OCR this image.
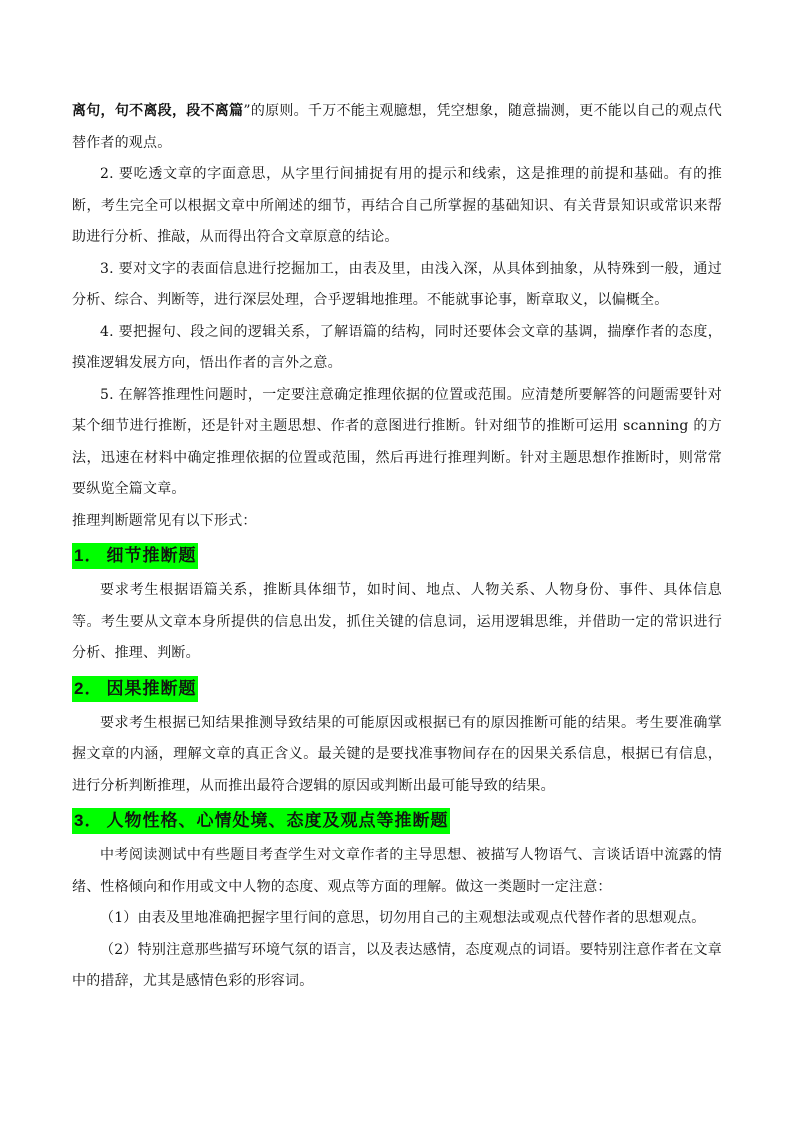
离句，句不离段，段不离篇”的原则。千万不能主观臆想，凭空想象，随意揣测，更不能以自己的观点代替作者的观点。

2. 要吃透文章的字面意思，从字里行间捕捉有用的提示和线索，这是推理的前提和基础。有的推断，考生完全可以根据文章中所阐述的细节，再结合自己所掌握的基础知识、有关背景知识或常识来帮助进行分析、推敲，从而得出符合文章原意的结论。

3. 要对文字的表面信息进行挖掘加工，由表及里，由浅入深，从具体到抽象，从特殊到一般，通过分析、综合、判断等，进行深层处理，合乎逻辑地推理。不能就事论事，断章取义，以偏概全。

4. 要把握句、段之间的逻辑关系，了解语篇的结构，同时还要体会文章的基调，揣摩作者的态度，摸准逻辑发展方向，悟出作者的言外之意。

5. 在解答推理性问题时，一定要注意确定推理依据的位置或范围。应清楚所要解答的问题需要针对某个细节进行推断，还是针对主题思想、作者的意图进行推断。针对细节的推断可运用 scanning 的方法，迅速在材料中确定推理依据的位置或范围，然后再进行推理判断。针对主题思想作推断时，则常常要纵览全篇文章。

推理判断题常见有以下形式：

1． 细节推断题

要求考生根据语篇关系，推断具体细节，如时间、地点、人物关系、人物身份、事件、具体信息等。考生要从文章本身所提供的信息出发，抓住关键的信息词，运用逻辑思维，并借助一定的常识进行分析、推理、判断。

2． 因果推断题

要求考生根据已知结果推测导致结果的可能原因或根据已有的原因推断可能的结果。考生要准确掌握文章的内涵，理解文章的真正含义。最关键的是要找准事物间存在的因果关系信息，根据已有信息，进行分析判断推理，从而推出最符合逻辑的原因或判断出最可能导致的结果。

3． 人物性格、心情处境、态度及观点等推断题

中考阅读测试中有些题目考查学生对文章作者的主导思想、被描写人物语气、言谈话语中流露的情绪、性格倾向和作用或文中人物的态度、观点等方面的理解。做这一类题时一定注意：

（1）由表及里地准确把握字里行间的意思，切勿用自己的主观想法或观点代替作者的思想观点。

（2）特别注意那些描写环境气氛的语言，以及表达感情，态度观点的词语。要特别注意作者在文章中的措辞，尤其是感情色彩的形容词。
